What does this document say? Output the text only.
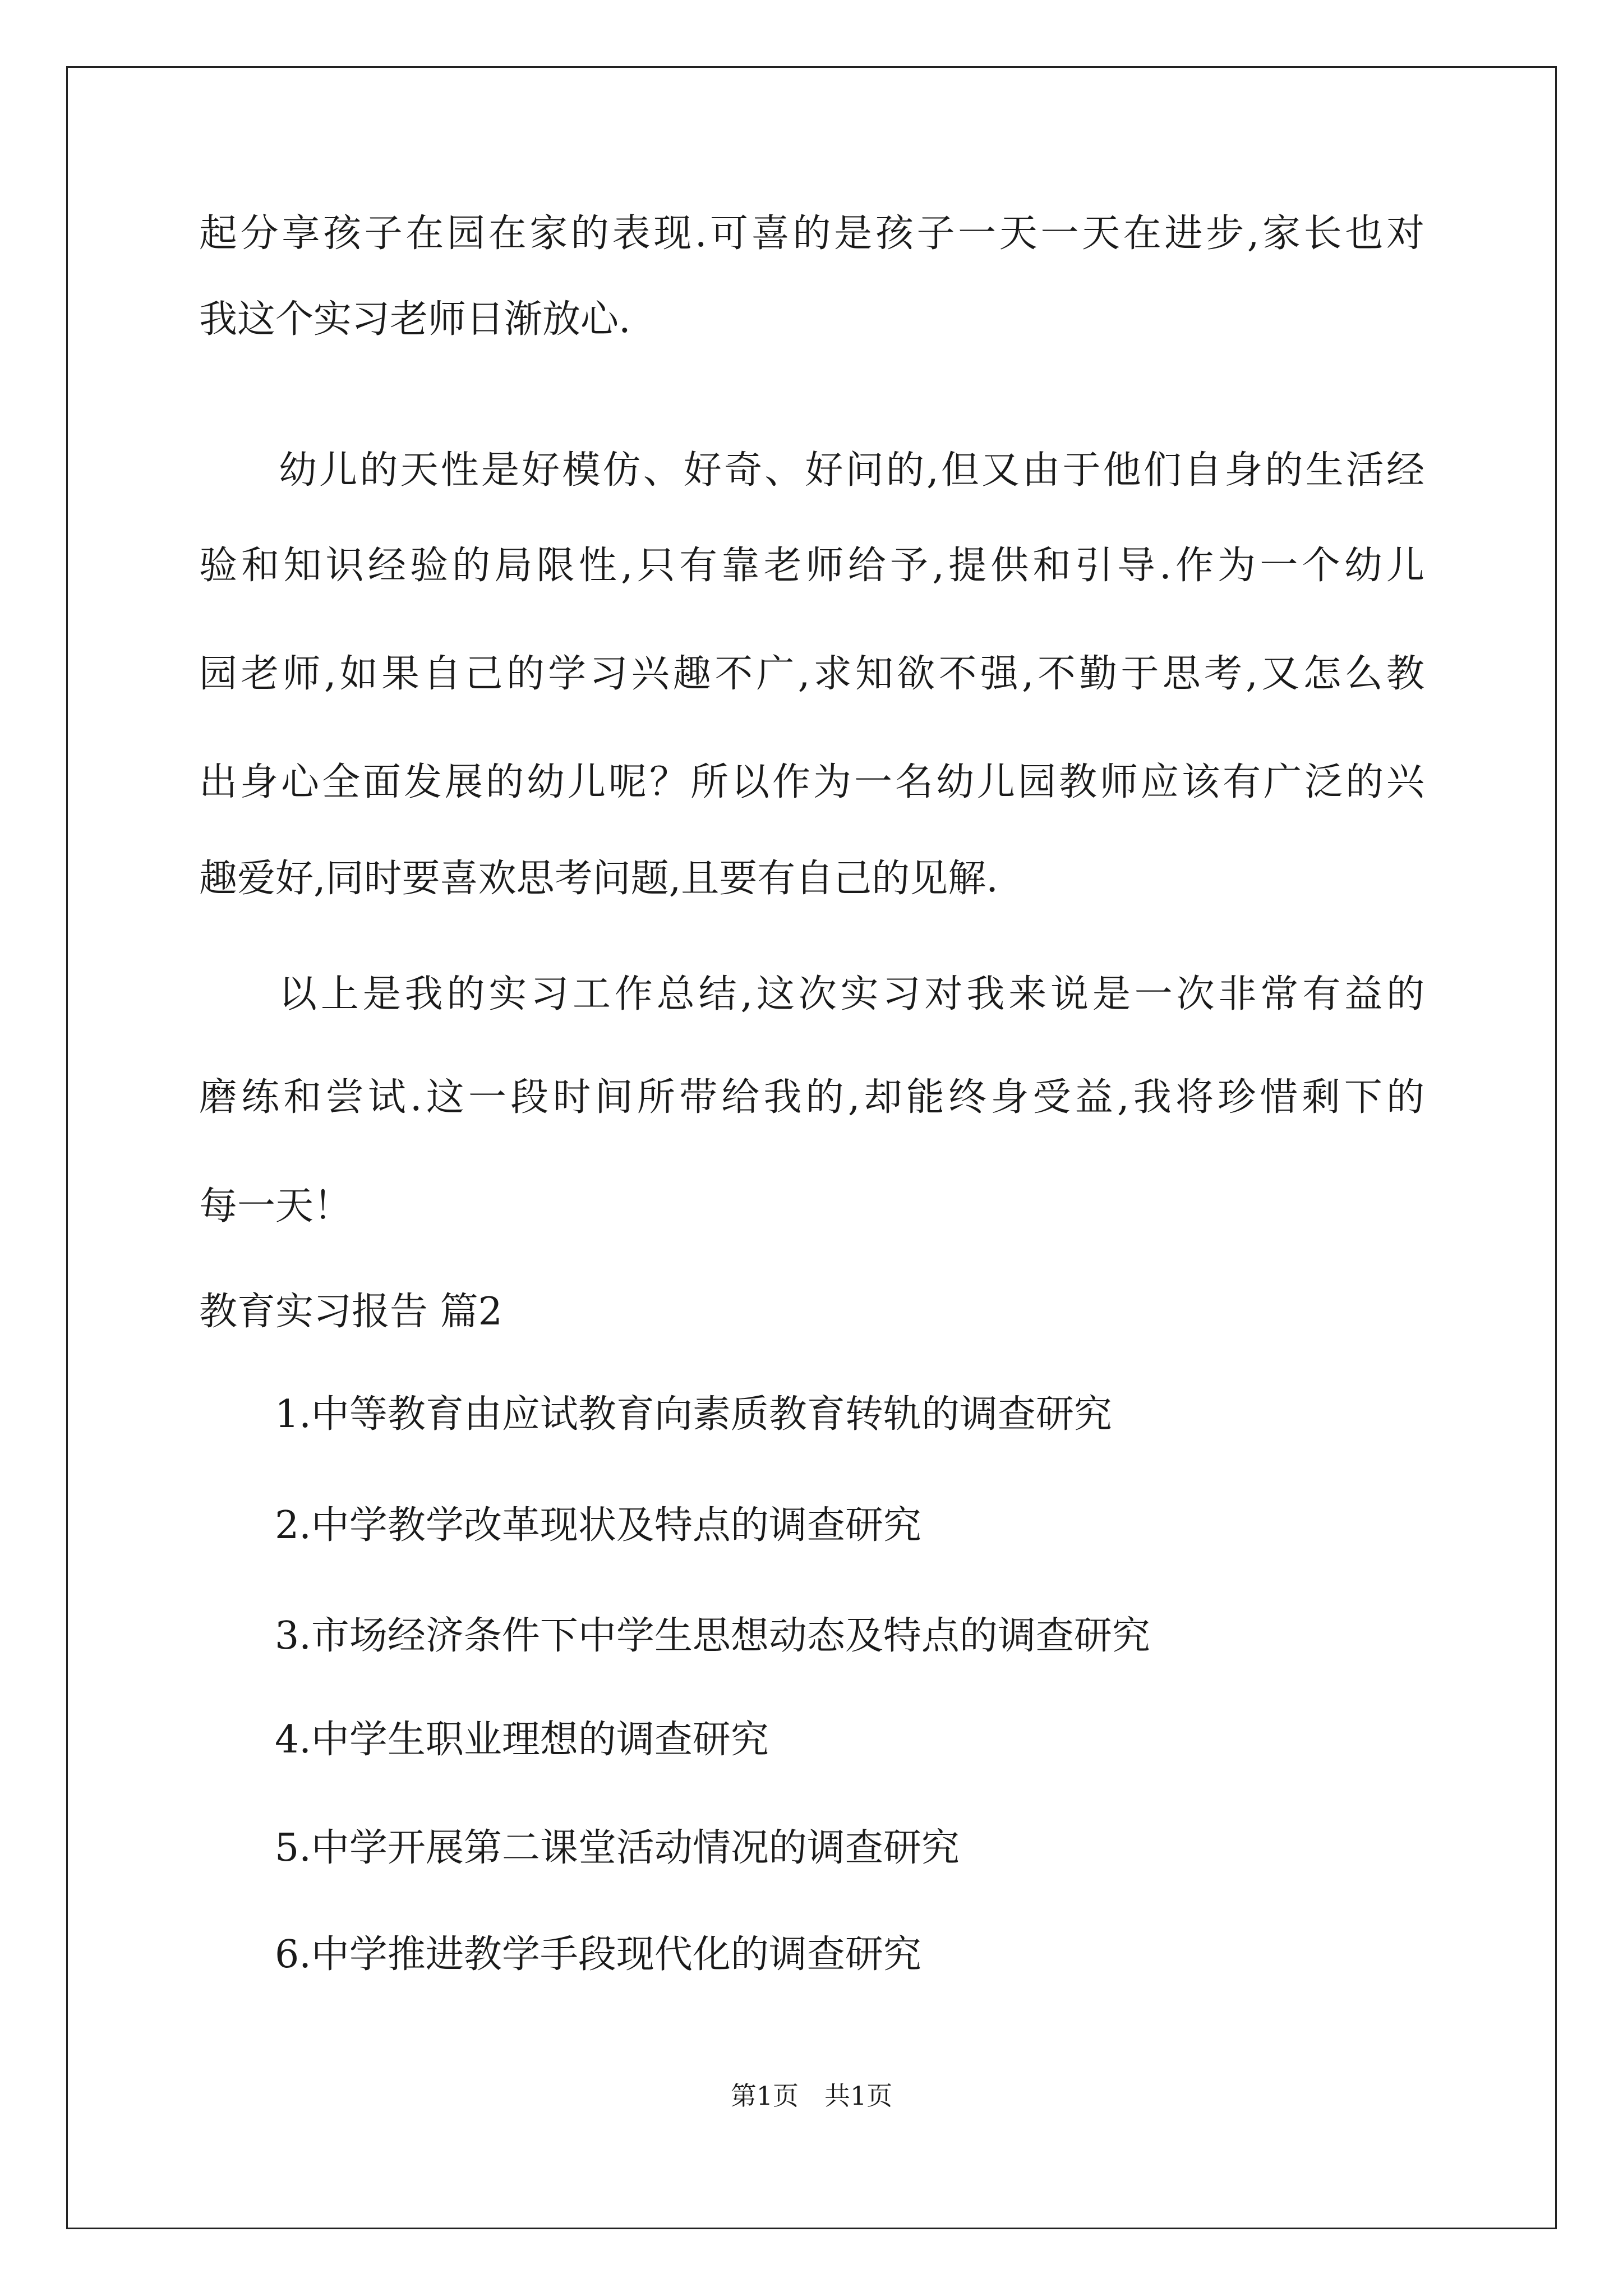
起分享孩子在园在家的表现.可喜的是孩子一天一天在进步,家长也对
我这个实习老师日渐放心.
幼儿的天性是好模仿、好奇、好问的,但又由于他们自身的生活经
验和知识经验的局限性,只有靠老师给予,提供和引导.作为一个幼儿
园老师,如果自己的学习兴趣不广,求知欲不强,不勤于思考,又怎么教
出身心全面发展的幼儿呢？所以作为一名幼儿园教师应该有广泛的兴
趣爱好,同时要喜欢思考问题,且要有自己的见解.
以上是我的实习工作总结,这次实习对我来说是一次非常有益的
磨练和尝试.这一段时间所带给我的,却能终身受益,我将珍惜剩下的
每一天！
教育实习报告 篇2
1.中等教育由应试教育向素质教育转轨的调查研究
2.中学教学改革现状及特点的调查研究
3.市场经济条件下中学生思想动态及特点的调查研究
4.中学生职业理想的调查研究
5.中学开展第二课堂活动情况的调查研究
6.中学推进教学手段现代化的调查研究
第1页　共1页
